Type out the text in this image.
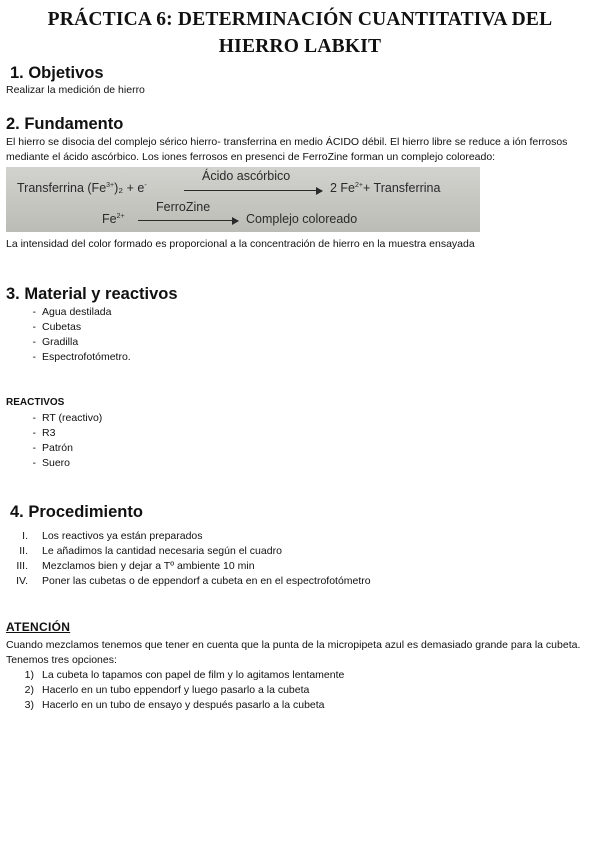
PRÁCTICA 6: DETERMINACIÓN CUANTITATIVA DEL HIERRO LABKIT
1. Objetivos
Realizar la medición de hierro
2. Fundamento
El hierro se disocia del complejo sérico hierro- transferrina en medio ÁCIDO débil. El hierro libre se reduce a ión ferrosos mediante el ácido ascórbico. Los iones ferrosos en presenci de FerroZine forman un complejo coloreado:
Transferrina $(Fe^{3+})_2 + e^-$
Ácido ascórbico
2 $Fe^{2+}+$ Transferrina
$Fe^{2+}$
FerroZine
Complejo coloreado
La intensidad del color formado es proporcional a la concentración de hierro en la muestra ensayada
3. Material y reactivos
- Agua destilada
- Cubetas
- Gradilla
- Espectrofotómetro.
REACTIVOS
- RT (reactivo)
- R3
- Patrón
- Suero
4. Procedimiento
I. Los reactivos ya están preparados
II. Le añadimos la cantidad necesaria según el cuadro
III. Mezclamos bien y dejar a Tº ambiente 10 min
IV. Poner las cubetas o de eppendorf a cubeta en en el espectrofotómetro
ATENCIÓN
Cuando mezclamos tenemos que tener en cuenta que la punta de la micropipeta azul es demasiado grande para la cubeta. Tenemos tres opciones:
1) La cubeta lo tapamos con papel de film y lo agitamos lentamente
2) Hacerlo en un tubo eppendorf y luego pasarlo a la cubeta
3) Hacerlo en un tubo de ensayo y después pasarlo a la cubeta
